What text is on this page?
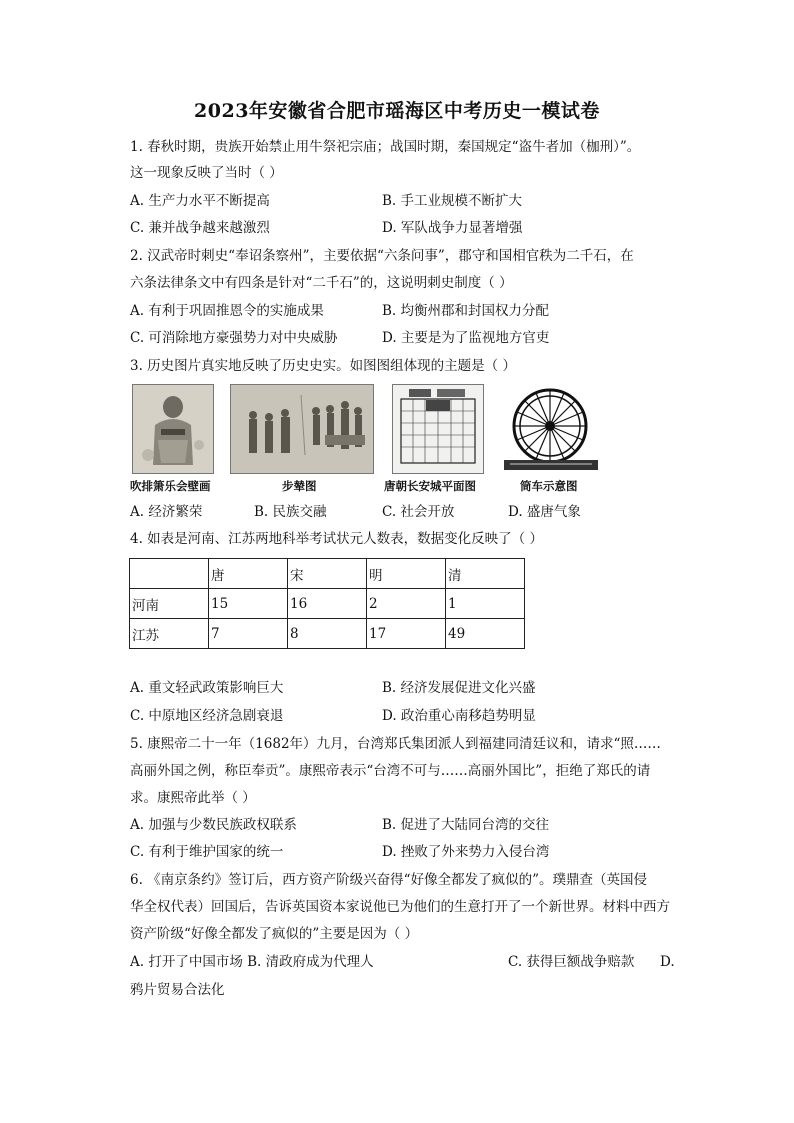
2023年安徽省合肥市瑶海区中考历史一模试卷
1. 春秋时期，贵族开始禁止用牛祭祀宗庙；战国时期，秦国规定“盗牛者加（枷刑）”。
这一现象反映了当时（ ）
A. 生产力水平不断提高	B. 手工业规模不断扩大
C. 兼并战争越来越激烈	D. 军队战争力显著增强
2. 汉武帝时刺史“奉诏条察州”，主要依据“六条问事”，郡守和国相官秩为二千石，在
六条法律条文中有四条是针对“二千石”的，这说明刺史制度（ ）
A. 有利于巩固推恩令的实施成果	B. 均衡州郡和封国权力分配
C. 可消除地方豪强势力对中央威胁	D. 主要是为了监视地方官吏
3. 历史图片真实地反映了历史史实。如图图组体现的主题是（ ）
吹排箫乐会壁画	步辇图	唐朝长安城平面图	筒车示意图
A. 经济繁荣	B. 民族交融	C. 社会开放	D. 盛唐气象
4. 如表是河南、江苏两地科举考试状元人数表，数据变化反映了（ ）
	唐	宋	明	清
河南	15	16	2	1
江苏	7	8	17	49
A. 重文轻武政策影响巨大	B. 经济发展促进文化兴盛
C. 中原地区经济急剧衰退	D. 政治重心南移趋势明显
5. 康熙帝二十一年（1682年）九月，台湾郑氏集团派人到福建同清廷议和，请求“照……
高丽外国之例，称臣奉贡”。康熙帝表示“台湾不可与……高丽外国比”，拒绝了郑氏的请
求。康熙帝此举（ ）
A. 加强与少数民族政权联系	B. 促进了大陆同台湾的交往
C. 有利于维护国家的统一	D. 挫败了外来势力入侵台湾
6. 《南京条约》签订后，西方资产阶级兴奋得“好像全都发了疯似的”。璞鼎查（英国侵
华全权代表）回国后，告诉英国资本家说他已为他们的生意打开了一个新世界。材料中西方
资产阶级“好像全都发了疯似的”主要是因为（ ）
A. 打开了中国市场 B. 清政府成为代理人	C. 获得巨额战争赔款 D.
鸦片贸易合法化
